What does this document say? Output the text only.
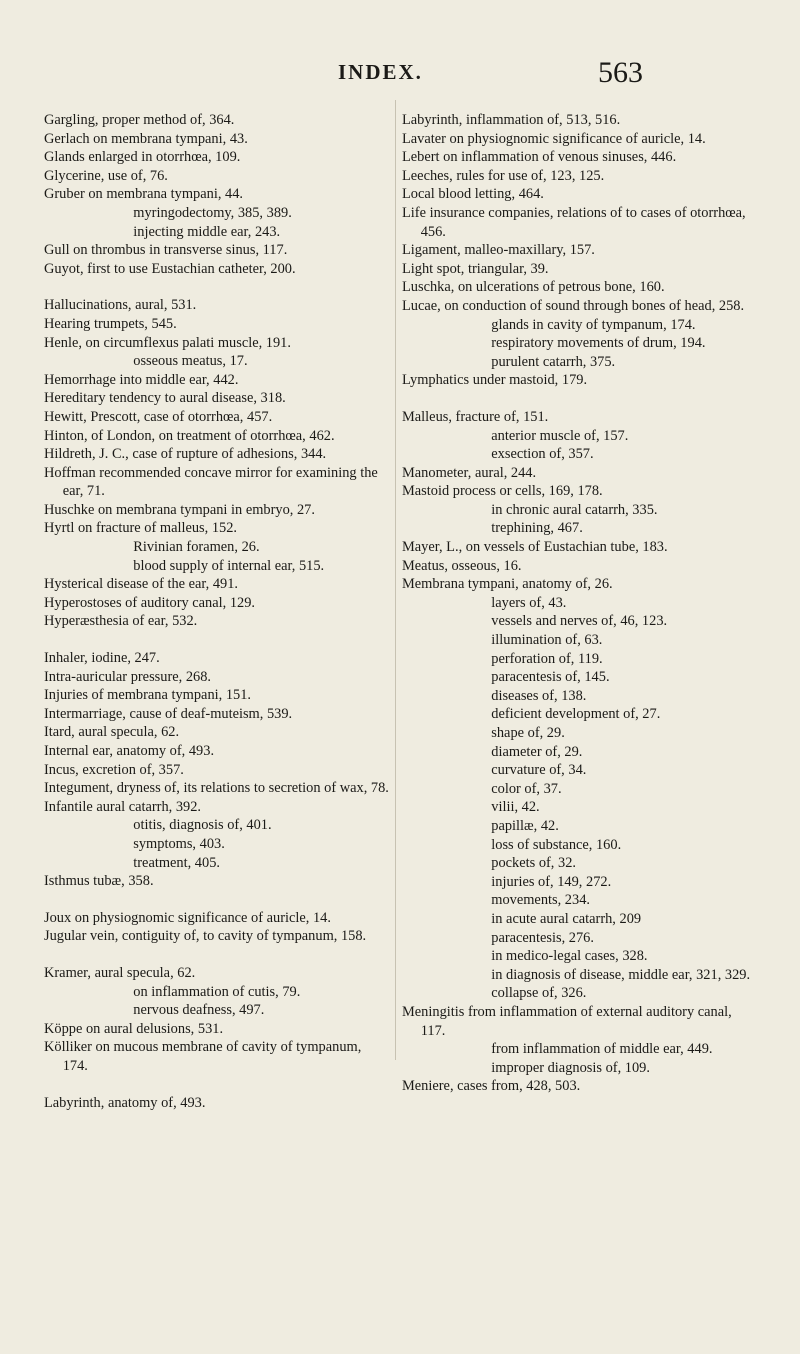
INDEX.	563
Gargling, proper method of, 364.
Gerlach on membrana tympani, 43.
Glands enlarged in otorrhœa, 109.
Glycerine, use of, 76.
Gruber on membrana tympani, 44.
myringodectomy, 385, 389.
injecting middle ear, 243.
Gull on thrombus in transverse sinus, 117.
Guyot, first to use Eustachian catheter, 200.
Hallucinations, aural, 531.
Hearing trumpets, 545.
Henle, on circumflexus palati muscle, 191.
osseous meatus, 17.
Hemorrhage into middle ear, 442.
Hereditary tendency to aural disease, 318.
Hewitt, Prescott, case of otorrhœa, 457.
Hinton, of London, on treatment of otorrhœa, 462.
Hildreth, J. C., case of rupture of adhesions, 344.
Hoffman recommended concave mirror for examining the ear, 71.
Huschke on membrana tympani in embryo, 27.
Hyrtl on fracture of malleus, 152.
Rivinian foramen, 26.
blood supply of internal ear, 515.
Hysterical disease of the ear, 491.
Hyperostoses of auditory canal, 129.
Hyperæsthesia of ear, 532.
Inhaler, iodine, 247.
Intra-auricular pressure, 268.
Injuries of membrana tympani, 151.
Intermarriage, cause of deaf-muteism, 539.
Itard, aural specula, 62.
Internal ear, anatomy of, 493.
Incus, excretion of, 357.
Integument, dryness of, its relations to secretion of wax, 78.
Infantile aural catarrh, 392.
otitis, diagnosis of, 401.
symptoms, 403.
treatment, 405.
Isthmus tubæ, 358.
Joux on physiognomic significance of auricle, 14.
Jugular vein, contiguity of, to cavity of tympanum, 158.
Kramer, aural specula, 62.
on inflammation of cutis, 79.
nervous deafness, 497.
Köppe on aural delusions, 531.
Kölliker on mucous membrane of cavity of tympanum, 174.
Labyrinth, anatomy of, 493.
Labyrinth, inflammation of, 513, 516.
Lavater on physiognomic significance of auricle, 14.
Lebert on inflammation of venous sinuses, 446.
Leeches, rules for use of, 123, 125.
Local blood letting, 464.
Life insurance companies, relations of to cases of otorrhœa, 456.
Ligament, malleo-maxillary, 157.
Light spot, triangular, 39.
Luschka, on ulcerations of petrous bone, 160.
Lucae, on conduction of sound through bones of head, 258.
glands in cavity of tympanum, 174.
respiratory movements of drum, 194.
purulent catarrh, 375.
Lymphatics under mastoid, 179.
Malleus, fracture of, 151.
anterior muscle of, 157.
exsection of, 357.
Manometer, aural, 244.
Mastoid process or cells, 169, 178.
in chronic aural catarrh, 335.
trephining, 467.
Mayer, L., on vessels of Eustachian tube, 183.
Meatus, osseous, 16.
Membrana tympani, anatomy of, 26.
layers of, 43.
vessels and nerves of, 46, 123.
illumination of, 63.
perforation of, 119.
paracentesis of, 145.
diseases of, 138.
deficient development of, 27.
shape of, 29.
diameter of, 29.
curvature of, 34.
color of, 37.
vilii, 42.
papillæ, 42.
loss of substance, 160.
pockets of, 32.
injuries of, 149, 272.
movements, 234.
in acute aural catarrh, 209
paracentesis, 276.
in medico-legal cases, 328.
in diagnosis of disease, middle ear, 321, 329.
collapse of, 326.
Meningitis from inflammation of external auditory canal, 117.
from inflammation of middle ear, 449.
improper diagnosis of, 109.
Meniere, cases from, 428, 503.
